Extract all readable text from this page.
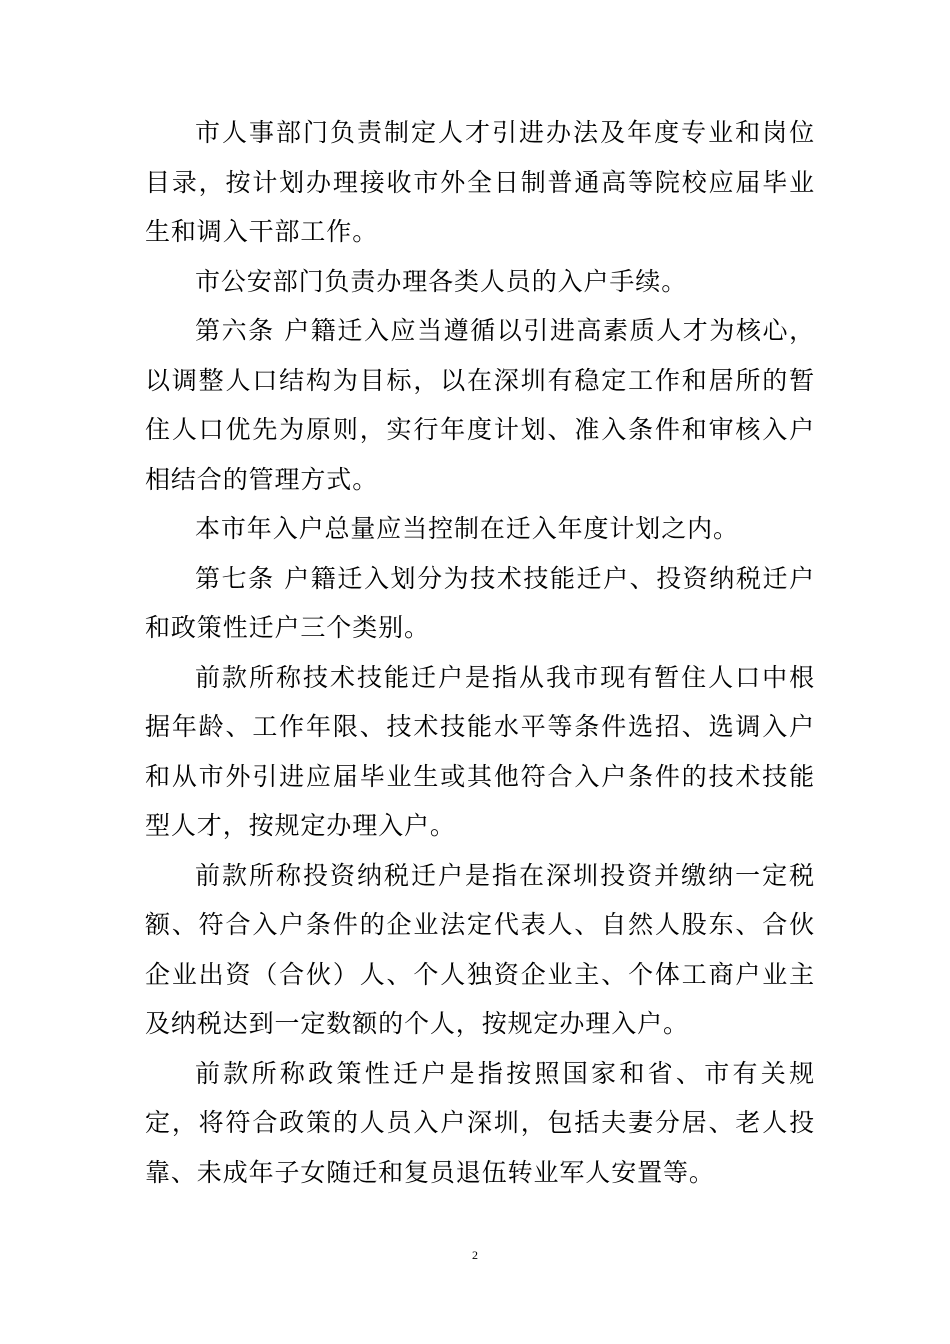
市人事部门负责制定人才引进办法及年度专业和岗位目录，按计划办理接收市外全日制普通高等院校应届毕业生和调入干部工作。

市公安部门负责办理各类人员的入户手续。

第六条 户籍迁入应当遵循以引进高素质人才为核心，以调整人口结构为目标，以在深圳有稳定工作和居所的暂住人口优先为原则，实行年度计划、准入条件和审核入户相结合的管理方式。

本市年入户总量应当控制在迁入年度计划之内。

第七条 户籍迁入划分为技术技能迁户、投资纳税迁户和政策性迁户三个类别。

前款所称技术技能迁户是指从我市现有暂住人口中根据年龄、工作年限、技术技能水平等条件选招、选调入户和从市外引进应届毕业生或其他符合入户条件的技术技能型人才，按规定办理入户。

前款所称投资纳税迁户是指在深圳投资并缴纳一定税额、符合入户条件的企业法定代表人、自然人股东、合伙企业出资（合伙）人、个人独资企业主、个体工商户业主及纳税达到一定数额的个人，按规定办理入户。

前款所称政策性迁户是指按照国家和省、市有关规定，将符合政策的人员入户深圳，包括夫妻分居、老人投靠、未成年子女随迁和复员退伍转业军人安置等。

2
